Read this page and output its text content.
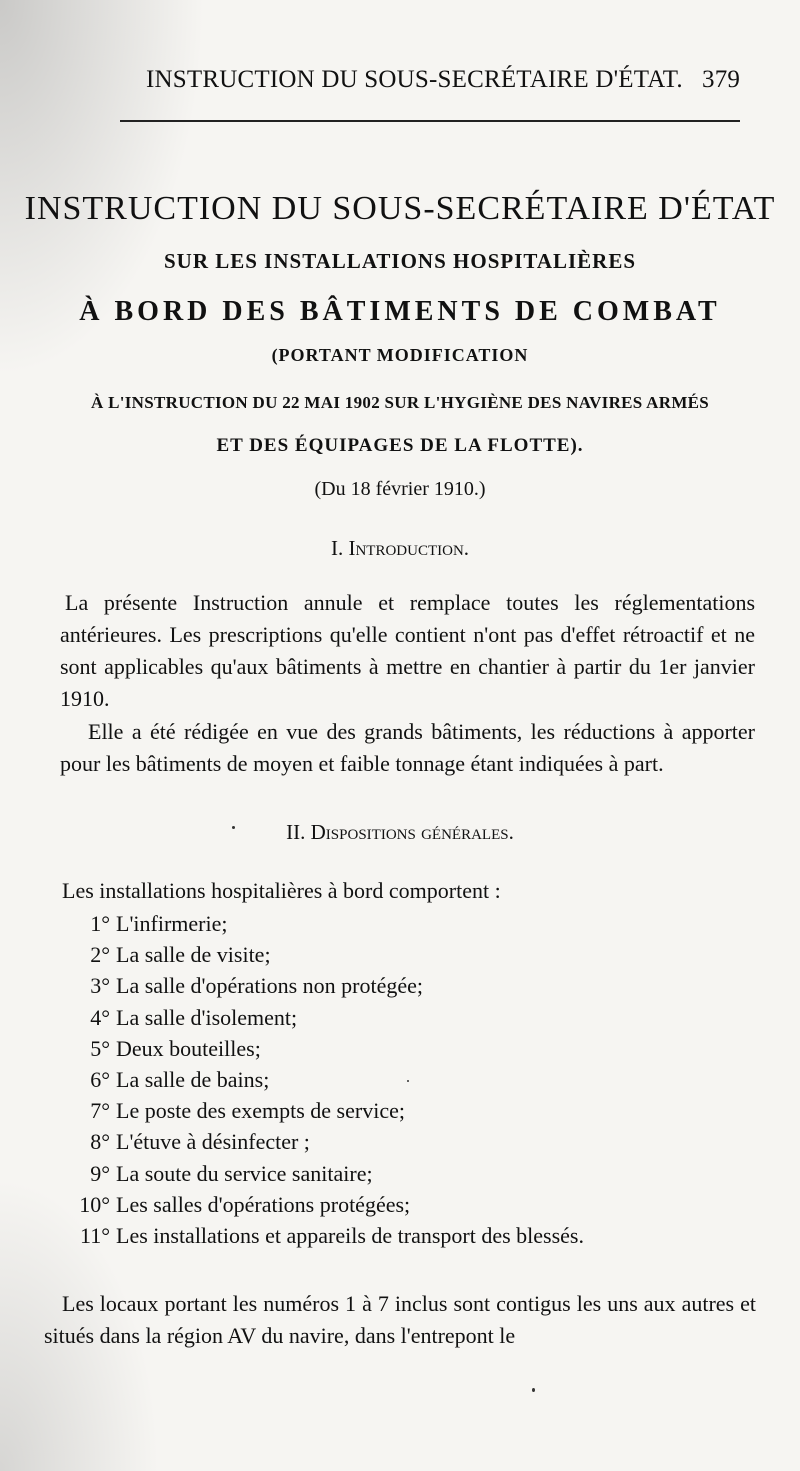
INSTRUCTION DU SOUS-SECRÉTAIRE D'ÉTAT. 379
INSTRUCTION DU SOUS-SECRÉTAIRE D'ÉTAT
SUR LES INSTALLATIONS HOSPITALIÈRES
À BORD DES BÂTIMENTS DE COMBAT
(PORTANT MODIFICATION
À L'INSTRUCTION DU 22 MAI 1902 SUR L'HYGIÈNE DES NAVIRES ARMÉS
ET DES ÉQUIPAGES DE LA FLOTTE).
(Du 18 février 1910.)
I. Introduction.
La présente Instruction annule et remplace toutes les réglementations antérieures. Les prescriptions qu'elle contient n'ont pas d'effet rétroactif et ne sont applicables qu'aux bâtiments à mettre en chantier à partir du 1er janvier 1910.
Elle a été rédigée en vue des grands bâtiments, les réductions à apporter pour les bâtiments de moyen et faible tonnage étant indiquées à part.
II. Dispositions générales.
Les installations hospitalières à bord comportent :
1° L'infirmerie;
2° La salle de visite;
3° La salle d'opérations non protégée;
4° La salle d'isolement;
5° Deux bouteilles;
6° La salle de bains;
7° Le poste des exempts de service;
8° L'étuve à désinfecter ;
9° La soute du service sanitaire;
10° Les salles d'opérations protégées;
11° Les installations et appareils de transport des blessés.
Les locaux portant les numéros 1 à 7 inclus sont contigus les uns aux autres et situés dans la région AV du navire, dans l'entrepont le
